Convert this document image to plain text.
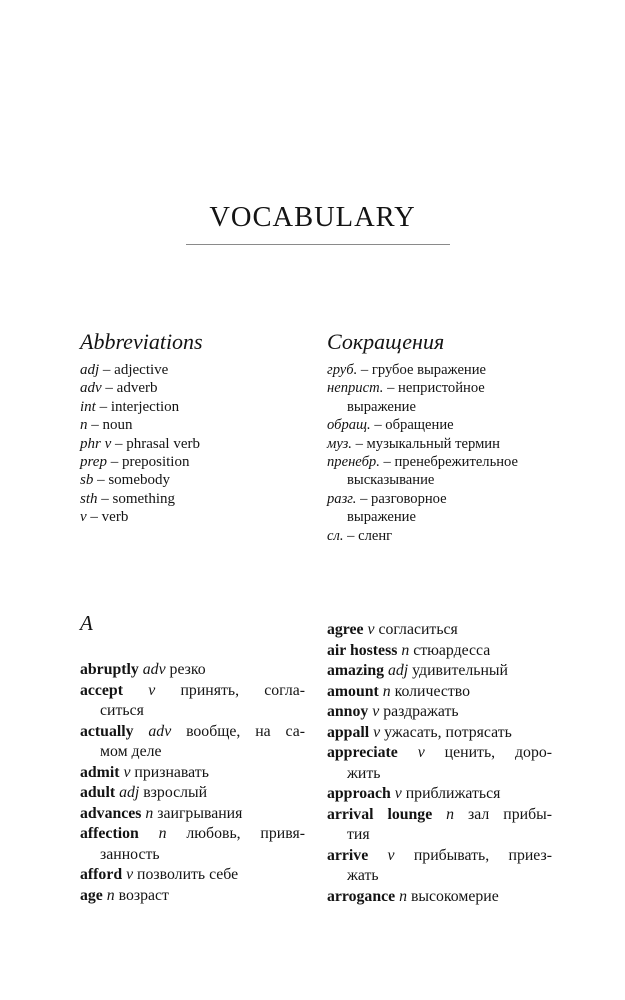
VOCABULARY
Abbreviations
adj – adjective
adv – adverb
int – interjection
n – noun
phr v – phrasal verb
prep – preposition
sb – somebody
sth – something
v – verb
Сокращения
груб. – грубое выражение
неприст. – непристойное
выражение
обращ. – обращение
муз. – музыкальный термин
пренебр. – пренебрежительное
высказывание
разг. – разговорное
выражение
сл. – сленг
A
abruptly adv резко
accept v принять, согла-
ситься
actually adv вообще, на са-
мом деле
admit v признавать
adult adj взрослый
advances n заигрывания
affection n любовь, привя-
занность
afford v позволить себе
age n возраст
agree v согласиться
air hostess n стюардесса
amazing adj удивительный
amount n количество
annoy v раздражать
appall v ужасать, потрясать
appreciate v ценить, доро-
жить
approach v приближаться
arrival lounge n зал прибы-
тия
arrive v прибывать, приез-
жать
arrogance n высокомерие
